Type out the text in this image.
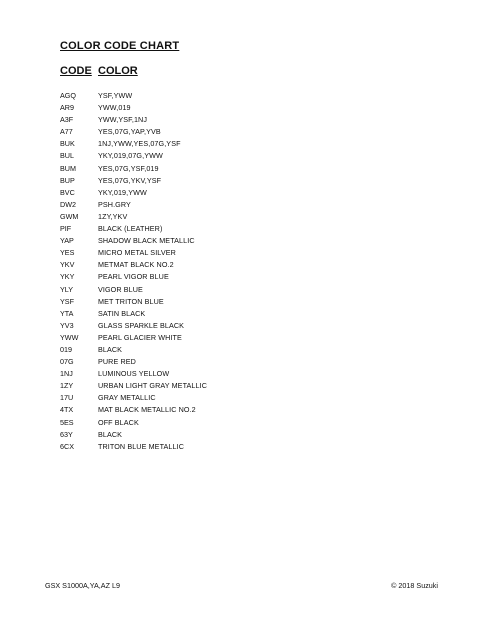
COLOR CODE CHART
CODE COLOR
AGQ	YSF,YWW
AR9	YWW,019
A3F	YWW,YSF,1NJ
A77	YES,07G,YAP,YVB
BUK	1NJ,YWW,YES,07G,YSF
BUL	YKY,019,07G,YWW
BUM	YES,07G,YSF,019
BUP	YES,07G,YKV,YSF
BVC	YKY,019,YWW
DW2	PSH.GRY
GWM	1ZY,YKV
PIF	BLACK (LEATHER)
YAP	SHADOW BLACK METALLIC
YES	MICRO METAL SILVER
YKV	METMAT BLACK NO.2
YKY	PEARL VIGOR BLUE
YLY	VIGOR BLUE
YSF	MET TRITON BLUE
YTA	SATIN BLACK
YV3	GLASS SPARKLE BLACK
YWW	PEARL GLACIER WHITE
019	BLACK
07G	PURE RED
1NJ	LUMINOUS YELLOW
1ZY	URBAN LIGHT GRAY METALLIC
17U	GRAY METALLIC
4TX	MAT BLACK METALLIC NO.2
5ES	OFF BLACK
63Y	BLACK
6CX	TRITON BLUE METALLIC
GSX S1000A,YA,AZ L9	© 2018 Suzuki
